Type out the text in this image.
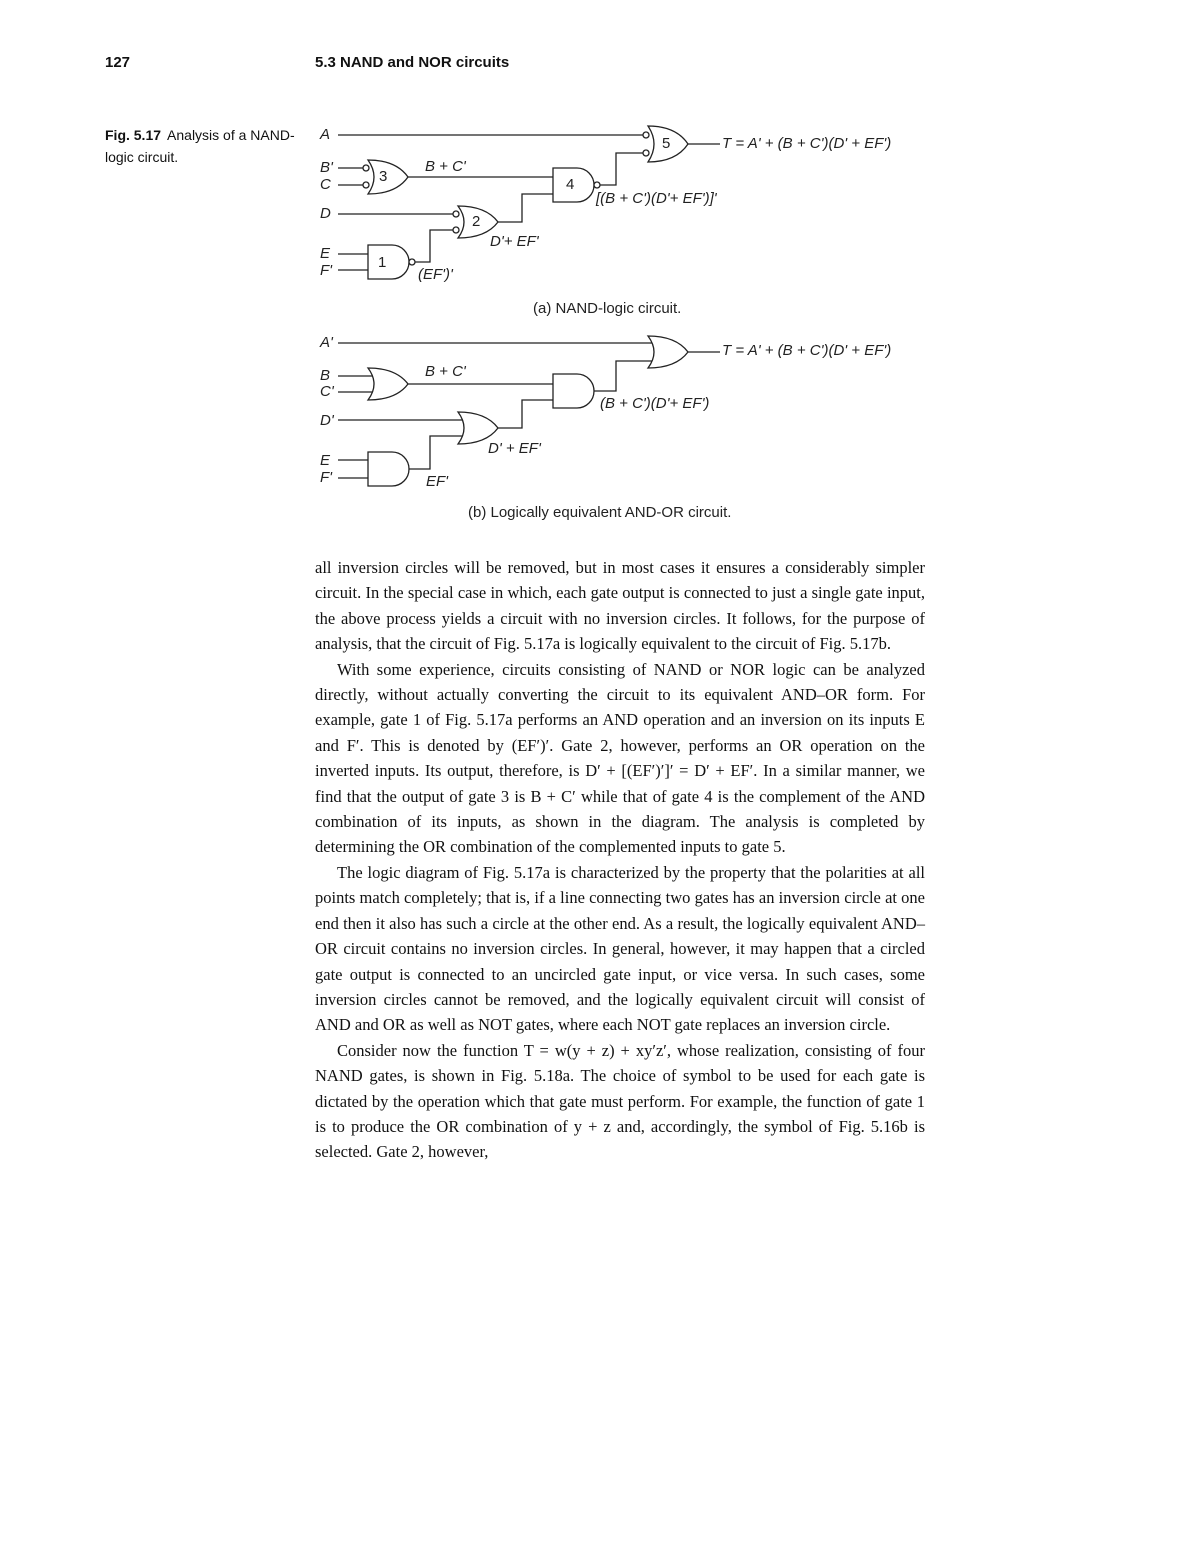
127	5.3 NAND and NOR circuits
Fig. 5.17 Analysis of a NAND-logic circuit.
3
5
4
2
1
A
B'
C
D
E
F'
B + C'
[(B + C')(D'+ EF')]'
D'+ EF'
(EF')'
T = A' + (B + C')(D' + EF')
(a) NAND-logic circuit.
A'
B
C'
D'
E
F'
B + C'
(B + C')(D'+ EF')
D' + EF'
EF'
T = A' + (B + C')(D' + EF')
(b) Logically equivalent AND-OR circuit.

all inversion circles will be removed, but in most cases it ensures a considerably simpler circuit. In the special case in which, each gate output is connected to just a single gate input, the above process yields a circuit with no inversion circles. It follows, for the purpose of analysis, that the circuit of Fig. 5.17a is logically equivalent to the circuit of Fig. 5.17b.

With some experience, circuits consisting of NAND or NOR logic can be analyzed directly, without actually converting the circuit to its equivalent AND–OR form. For example, gate 1 of Fig. 5.17a performs an AND operation and an inversion on its inputs E and F′. This is denoted by (EF′)′. Gate 2, however, performs an OR operation on the inverted inputs. Its output, therefore, is D′ + [(EF′)′]′ = D′ + EF′. In a similar manner, we find that the output of gate 3 is B + C′ while that of gate 4 is the complement of the AND combination of its inputs, as shown in the diagram. The analysis is completed by determining the OR combination of the complemented inputs to gate 5.

The logic diagram of Fig. 5.17a is characterized by the property that the polarities at all points match completely; that is, if a line connecting two gates has an inversion circle at one end then it also has such a circle at the other end. As a result, the logically equivalent AND–OR circuit contains no inversion circles. In general, however, it may happen that a circled gate output is connected to an uncircled gate input, or vice versa. In such cases, some inversion circles cannot be removed, and the logically equivalent circuit will consist of AND and OR as well as NOT gates, where each NOT gate replaces an inversion circle.

Consider now the function T = w(y + z) + xy′z′, whose realization, consisting of four NAND gates, is shown in Fig. 5.18a. The choice of symbol to be used for each gate is dictated by the operation which that gate must perform. For example, the function of gate 1 is to produce the OR combination of y + z and, accordingly, the symbol of Fig. 5.16b is selected. Gate 2, however,
